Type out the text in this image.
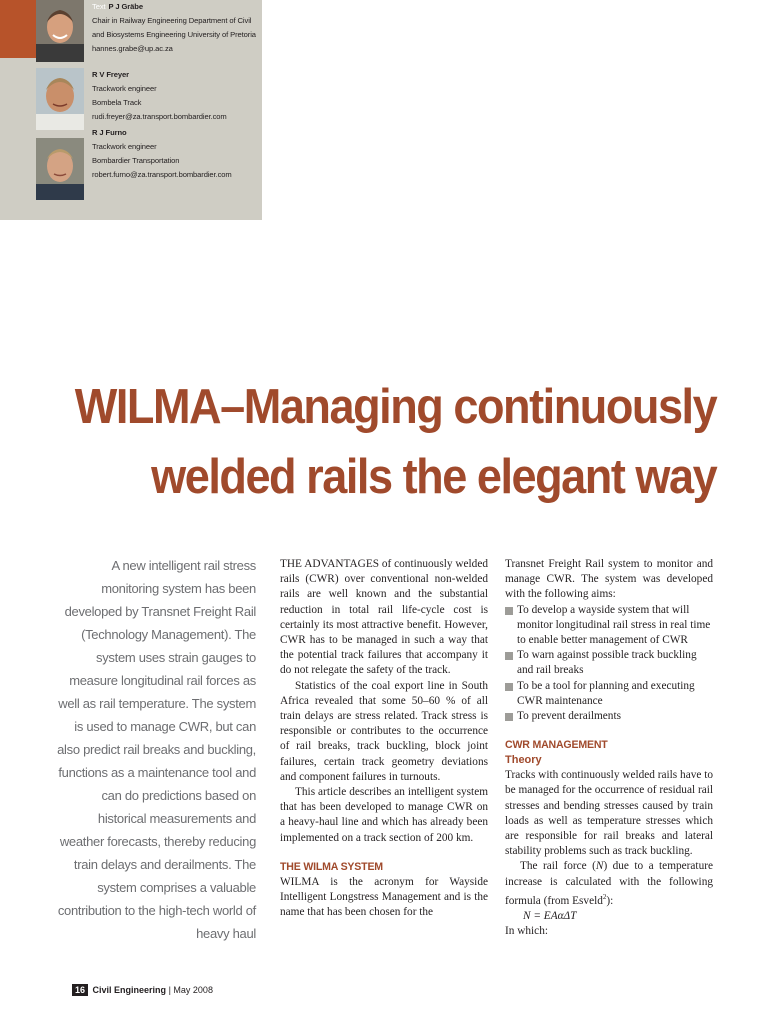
Text P J Gräbe
Chair in Railway Engineering Department of Civil
and Biosystems Engineering University of Pretoria
hannes.grabe@up.ac.za
R V Freyer
Trackwork engineer
Bombela Track
rudi.freyer@za.transport.bombardier.com
R J Furno
Trackwork engineer
Bombardier Transportation
robert.furno@za.transport.bombardier.com
WILMA–Managing continuously
welded rails the elegant way
A new intelligent rail stress monitoring system has been developed by Transnet Freight Rail (Technology Management). The system uses strain gauges to measure longitudinal rail forces as well as rail temperature. The system is used to manage CWR, but can also predict rail breaks and buckling, functions as a maintenance tool and can do predictions based on historical measurements and weather forecasts, thereby reducing train delays and derailments. The system comprises a valuable contribution to the high-tech world of heavy haul

THE ADVANTAGES of continuously welded rails (CWR) over conventional non-welded rails are well known and the substantial reduction in total rail life-cycle cost is certainly its most attractive benefit. However, CWR has to be managed in such a way that the potential track failures that accompany it do not relegate the safety of the track.

Statistics of the coal export line in South Africa revealed that some 50–60 % of all train delays are stress related. Track stress is responsible or contributes to the occurrence of rail breaks, track buckling, block joint failures, certain track geometry deviations and component failures in turnouts.

This article describes an intelligent system that has been developed to manage CWR on a heavy-haul line and which has already been implemented on a track section of 200 km.

THE WILMA SYSTEM

WILMA is the acronym for Wayside Intelligent Longstress Management and is the name that has been chosen for the

Transnet Freight Rail system to monitor and manage CWR. The system was developed with the following aims:

To develop a wayside system that will monitor longitudinal rail stress in real time to enable better management of CWR
To warn against possible track buckling and rail breaks
To be a tool for planning and executing CWR maintenance
To prevent derailments
CWR MANAGEMENT
Theory

Tracks with continuously welded rails have to be managed for the occurrence of residual rail stresses and bending stresses caused by train loads as well as temperature stresses which are responsible for rail breaks and lateral stability problems such as track buckling.

The rail force (N) due to a temperature increase is calculated with the following formula (from Esveld$^2$):

N = EAαΔT

In which:

16 Civil Engineering | May 2008
